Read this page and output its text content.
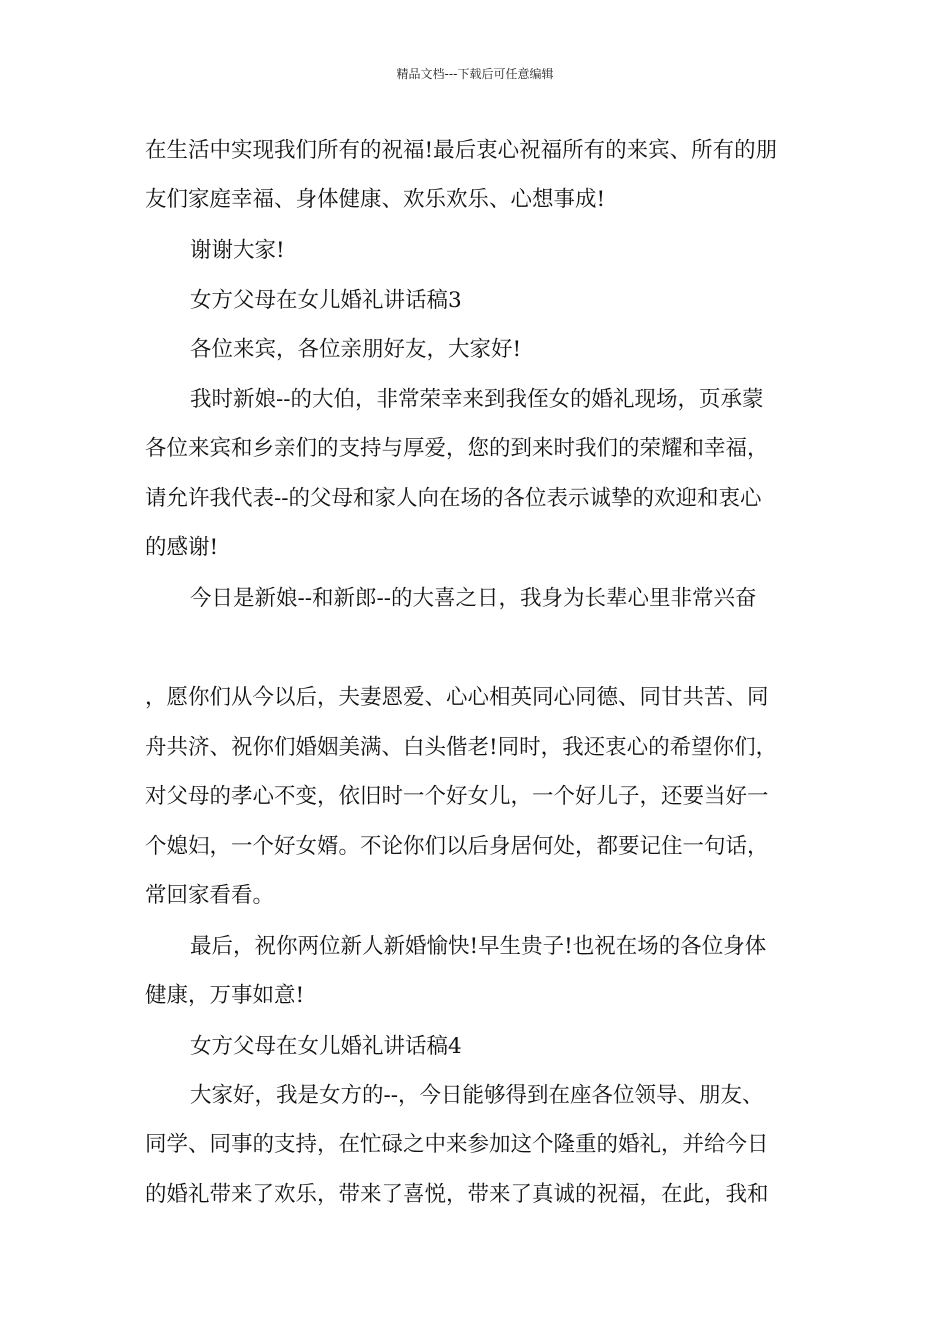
精品文档---下载后可任意编辑
在生活中实现我们所有的祝福!最后衷心祝福所有的来宾、所有的朋
友们家庭幸福、身体健康、欢乐欢乐、心想事成!
谢谢大家!
女方父母在女儿婚礼讲话稿3
各位来宾，各位亲朋好友，大家好!
我时新娘--的大伯，非常荣幸来到我侄女的婚礼现场，页承蒙
各位来宾和乡亲们的支持与厚爱，您的到来时我们的荣耀和幸福，
请允许我代表--的父母和家人向在场的各位表示诚挚的欢迎和衷心
的感谢!
今日是新娘--和新郎--的大喜之日，我身为长辈心里非常兴奋
，愿你们从今以后，夫妻恩爱、心心相英同心同德、同甘共苦、同
舟共济、祝你们婚姻美满、白头偕老!同时，我还衷心的希望你们，
对父母的孝心不变，依旧时一个好女儿，一个好儿子，还要当好一
个媳妇，一个好女婿。不论你们以后身居何处，都要记住一句话，
常回家看看。
最后，祝你两位新人新婚愉快!早生贵子!也祝在场的各位身体
健康，万事如意!
女方父母在女儿婚礼讲话稿4
大家好，我是女方的--，今日能够得到在座各位领导、朋友、
同学、同事的支持，在忙碌之中来参加这个隆重的婚礼，并给今日
的婚礼带来了欢乐，带来了喜悦，带来了真诚的祝福，在此，我和
